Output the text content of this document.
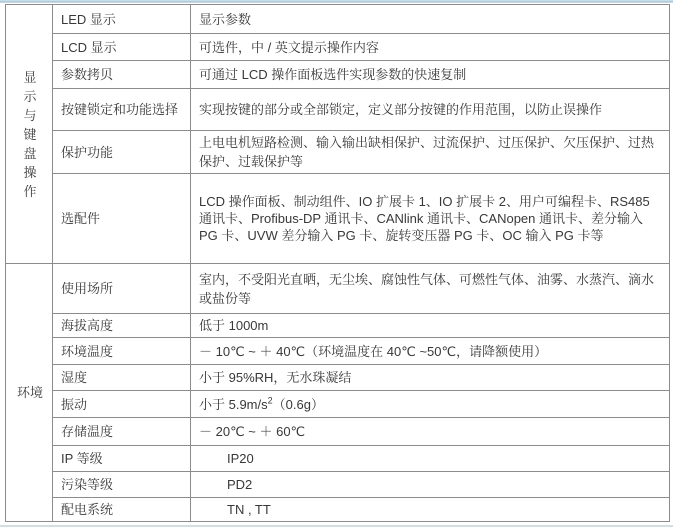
显示与键盘操作	LED 显示	显示参数
	LCD 显示	可选件，中 / 英文提示操作内容
	参数拷贝	可通过 LCD 操作面板选件实现参数的快速复制
	按键锁定和功能选择	实现按键的部分或全部锁定，定义部分按键的作用范围，以防止误操作
	保护功能	上电电机短路检测、输入输出缺相保护、过流保护、过压保护、欠压保护、过热保护、过载保护等
	选配件	LCD 操作面板、制动组件、IO 扩展卡 1、IO 扩展卡 2、用户可编程卡、RS485 通讯卡、Profibus-DP 通讯卡、CANlink 通讯卡、CANopen 通讯卡、差分输入 PG 卡、UVW 差分输入 PG 卡、旋转变压器 PG 卡、OC 输入 PG 卡等
环境	使用场所	室内，不受阳光直晒，无尘埃、腐蚀性气体、可燃性气体、油雾、水蒸汽、滴水或盐份等
	海拔高度	低于 1000m
	环境温度	－ 10℃ ~ ＋ 40℃（环境温度在 40℃ ~50℃，请降额使用）
	湿度	小于 95%RH，无水珠凝结
	振动	小于 $5.9m/s^2(0.6g)$
	存储温度	－ 20℃ ~ ＋ 60℃
	IP 等级	IP20
	污染等级	PD2
	配电系统	TN , TT
